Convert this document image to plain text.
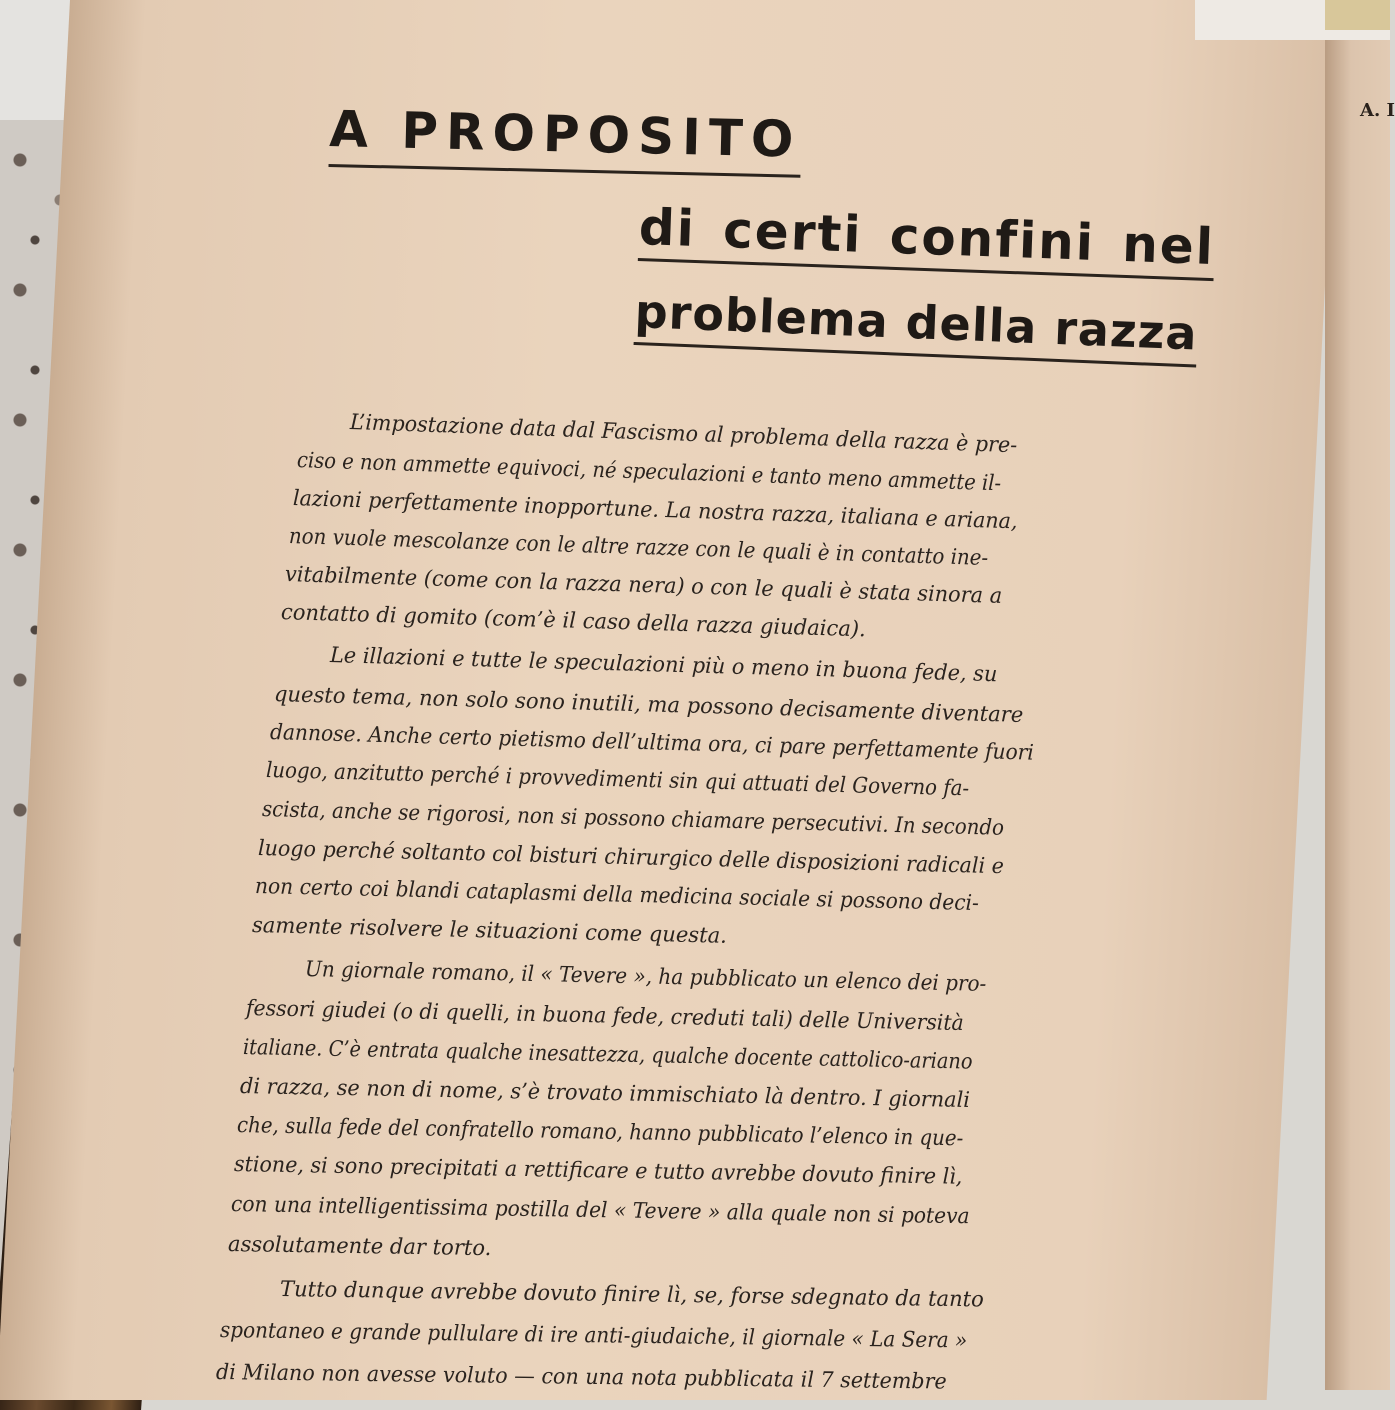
A. I
A PROPOSITO
di certi confini nel
problema della razza
L’impostazione data dal Fascismo al problema della razza è pre-
ciso e non ammette equivoci, né speculazioni e tanto meno ammette il-
lazioni perfettamente inopportune. La nostra razza, italiana e ariana,
non vuole mescolanze con le altre razze con le quali è in contatto ine-
vitabilmente (come con la razza nera) o con le quali è stata sinora a
contatto di gomito (com’è il caso della razza giudaica).
Le illazioni e tutte le speculazioni più o meno in buona fede, su
questo tema, non solo sono inutili, ma possono decisamente diventare
dannose. Anche certo pietismo dell’ultima ora, ci pare perfettamente fuori
luogo, anzitutto perché i provvedimenti sin qui attuati del Governo fa-
scista, anche se rigorosi, non si possono chiamare persecutivi. In secondo
luogo perché soltanto col bisturi chirurgico delle disposizioni radicali e
non certo coi blandi cataplasmi della medicina sociale si possono deci-
samente risolvere le situazioni come questa.
Un giornale romano, il « Tevere », ha pubblicato un elenco dei pro-
fessori giudei (o di quelli, in buona fede, creduti tali) delle Università
italiane. C’è entrata qualche inesattezza, qualche docente cattolico-ariano
di razza, se non di nome, s’è trovato immischiato là dentro. I giornali
che, sulla fede del confratello romano, hanno pubblicato l’elenco in que-
stione, si sono precipitati a rettificare e tutto avrebbe dovuto finire lì,
con una intelligentissima postilla del « Tevere » alla quale non si poteva
assolutamente dar torto.
Tutto dunque avrebbe dovuto finire lì, se, forse sdegnato da tanto
spontaneo e grande pullulare di ire anti-giudaiche, il giornale « La Sera »
di Milano non avesse voluto — con una nota pubblicata il 7 settembre
